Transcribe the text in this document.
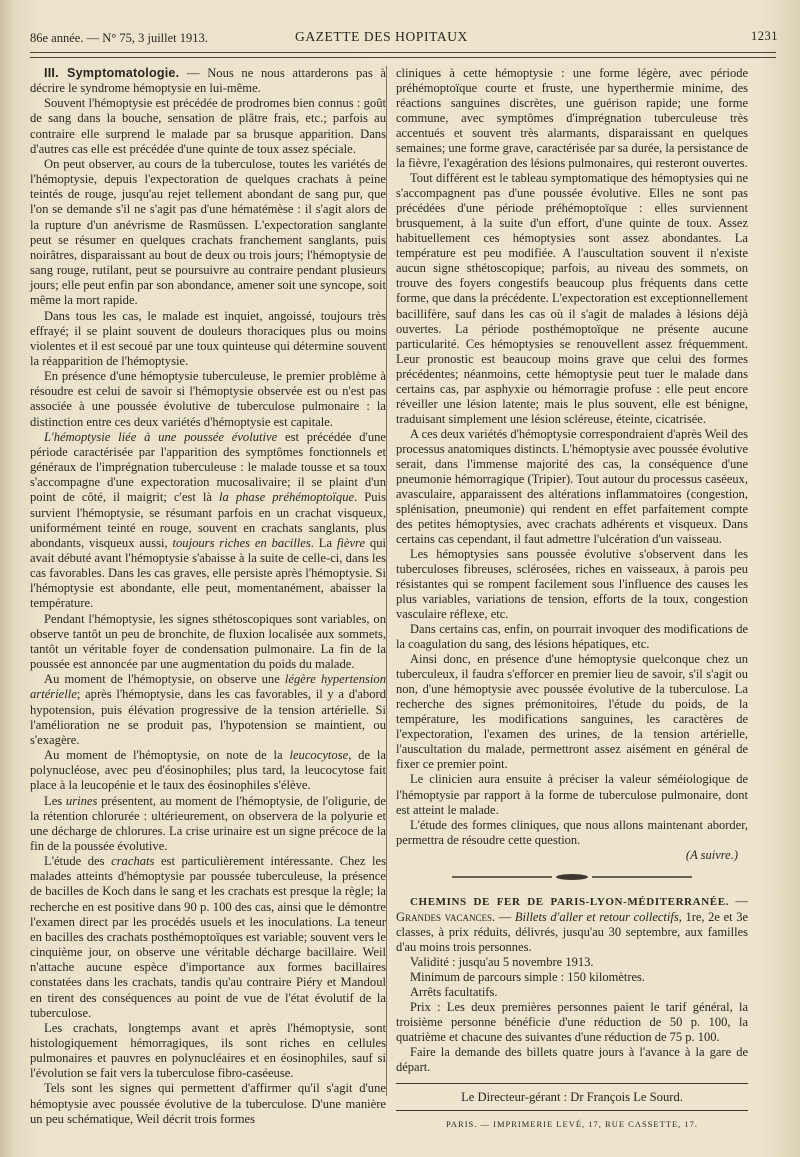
86e année. — N° 75, 3 juillet 1913.	GAZETTE DES HOPITAUX	1231

III. Symptomatologie. — Nous ne nous attarderons pas à décrire le syndrome hémoptysie en lui-même.

Souvent l'hémoptysie est précédée de prodromes bien connus : goût de sang dans la bouche, sensation de plâtre frais, etc.; parfois au contraire elle surprend le malade par sa brusque apparition. Dans d'autres cas elle est précédée d'une quinte de toux assez spéciale.

On peut observer, au cours de la tuberculose, toutes les variétés de l'hémoptysie, depuis l'expectoration de quelques crachats à peine teintés de rouge, jusqu'au rejet tellement abondant de sang pur, que l'on se demande s'il ne s'agit pas d'une hématémèse : il s'agit alors de la rupture d'un anévrisme de Rasmüssen. L'expectoration sanglante peut se résumer en quelques crachats franchement sanglants, puis noirâtres, disparaissant au bout de deux ou trois jours; l'hémoptysie de sang rouge, rutilant, peut se poursuivre au contraire pendant plusieurs jours; elle peut enfin par son abondance, amener soit une syncope, soit même la mort rapide.

Dans tous les cas, le malade est inquiet, angoissé, toujours très effrayé; il se plaint souvent de douleurs thoraciques plus ou moins violentes et il est secoué par une toux quinteuse qui détermine souvent la réapparition de l'hémoptysie.

En présence d'une hémoptysie tuberculeuse, le premier problème à résoudre est celui de savoir si l'hémoptysie observée est ou n'est pas associée à une poussée évolutive de tuberculose pulmonaire : la distinction entre ces deux variétés d'hémoptysie est capitale.

L'hémoptysie liée à une poussée évolutive est précédée d'une période caractérisée par l'apparition des symptômes fonctionnels et généraux de l'imprégnation tuberculeuse : le malade tousse et sa toux s'accompagne d'une expectoration mucosalivaire; il se plaint d'un point de côté, il maigrit; c'est là la phase préhémoptoïque. Puis survient l'hémoptysie, se résumant parfois en un crachat visqueux, uniformément teinté en rouge, souvent en crachats sanglants, plus abondants, visqueux aussi, toujours riches en bacilles. La fièvre qui avait débuté avant l'hémoptysie s'abaisse à la suite de celle-ci, dans les cas favorables. Dans les cas graves, elle persiste après l'hémoptysie. Si l'hémoptysie est abondante, elle peut, momentanément, abaisser la température.

Pendant l'hémoptysie, les signes sthétoscopiques sont variables, on observe tantôt un peu de bronchite, de fluxion localisée aux sommets, tantôt un véritable foyer de condensation pulmonaire. La fin de la poussée est annoncée par une augmentation du poids du malade.

Au moment de l'hémoptysie, on observe une légère hypertension artérielle; après l'hémoptysie, dans les cas favorables, il y a d'abord hypotension, puis élévation progressive de la tension artérielle. Si l'amélioration ne se produit pas, l'hypotension se maintient, ou s'exagère.

Au moment de l'hémoptysie, on note de la leucocytose, de la polynucléose, avec peu d'éosinophiles; plus tard, la leucocytose fait place à la leucopénie et le taux des éosinophiles s'élève.

Les urines présentent, au moment de l'hémoptysie, de l'oligurie, de la rétention chlorurée : ultérieurement, on observera de la polyurie et une décharge de chlorures. La crise urinaire est un signe précoce de la fin de la poussée évolutive.

L'étude des crachats est particulièrement intéressante. Chez les malades atteints d'hémoptysie par poussée tuberculeuse, la présence de bacilles de Koch dans le sang et les crachats est presque la règle; la recherche en est positive dans 90 p. 100 des cas, ainsi que le démontre l'examen direct par les procédés usuels et les inoculations. La teneur en bacilles des crachats posthémoptoïques est variable; souvent vers le cinquième jour, on observe une véritable décharge bacillaire. Weil n'attache aucune espèce d'importance aux formes bacillaires constatées dans les crachats, tandis qu'au contraire Piéry et Mandoul en tirent des conséquences au point de vue de l'état évolutif de la tuberculose.

Les crachats, longtemps avant et après l'hémoptysie, sont histologiquement hémorragiques, ils sont riches en cellules pulmonaires et pauvres en polynucléaires et en éosinophiles, sauf si l'évolution se fait vers la tuberculose fibro-caséeuse.

Tels sont les signes qui permettent d'affirmer qu'il s'agit d'une hémoptysie avec poussée évolutive de la tuberculose. D'une manière un peu schématique, Weil décrit trois formes

cliniques à cette hémoptysie : une forme légère, avec période préhémoptoïque courte et fruste, une hyperthermie minime, des réactions sanguines discrètes, une guérison rapide; une forme commune, avec symptômes d'imprégnation tuberculeuse très accentués et souvent très alarmants, disparaissant en quelques semaines; une forme grave, caractérisée par sa durée, la persistance de la fièvre, l'exagération des lésions pulmonaires, qui resteront ouvertes.

Tout différent est le tableau symptomatique des hémoptysies qui ne s'accompagnent pas d'une poussée évolutive. Elles ne sont pas précédées d'une période préhémoptoïque : elles surviennent brusquement, à la suite d'un effort, d'une quinte de toux. Assez habituellement ces hémoptysies sont assez abondantes. La température est peu modifiée. A l'auscultation souvent il n'existe aucun signe sthétoscopique; parfois, au niveau des sommets, on trouve des foyers congestifs beaucoup plus fréquents dans cette forme, que dans la précédente. L'expectoration est exceptionnellement bacillifère, sauf dans les cas où il s'agit de malades à lésions déjà ouvertes. La période posthémoptoïque ne présente aucune particularité. Ces hémoptysies se renouvellent assez fréquemment. Leur pronostic est beaucoup moins grave que celui des formes précédentes; néanmoins, cette hémoptysie peut tuer le malade dans certains cas, par asphyxie ou hémorragie profuse : elle peut encore réveiller une lésion latente; mais le plus souvent, elle est bénigne, traduisant simplement une lésion scléreuse, éteinte, cicatrisée.

A ces deux variétés d'hémoptysie correspondraient d'après Weil des processus anatomiques distincts. L'hémoptysie avec poussée évolutive serait, dans l'immense majorité des cas, la conséquence d'une pneumonie hémorragique (Tripier). Tout autour du processus caséeux, avasculaire, apparaissent des altérations inflammatoires (congestion, splénisation, pneumonie) qui rendent en effet parfaitement compte des petites hémoptysies, avec crachats adhérents et visqueux. Dans certains cas cependant, il faut admettre l'ulcération d'un vaisseau.

Les hémoptysies sans poussée évolutive s'observent dans les tuberculoses fibreuses, sclérosées, riches en vaisseaux, à parois peu résistantes qui se rompent facilement sous l'influence des causes les plus variables, variations de tension, efforts de la toux, congestion vasculaire réflexe, etc.

Dans certains cas, enfin, on pourrait invoquer des modifications de la coagulation du sang, des lésions hépatiques, etc.

Ainsi donc, en présence d'une hémoptysie quelconque chez un tuberculeux, il faudra s'efforcer en premier lieu de savoir, s'il s'agit ou non, d'une hémoptysie avec poussée évolutive de la tuberculose. La recherche des signes prémonitoires, l'étude du poids, de la température, les modifications sanguines, les caractères de l'expectoration, l'examen des urines, de la tension artérielle, l'auscultation du malade, permettront assez aisément en général de fixer ce premier point.

Le clinicien aura ensuite à préciser la valeur séméiologique de l'hémoptysie par rapport à la forme de tuberculose pulmonaire, dont est atteint le malade.

L'étude des formes cliniques, que nous allons maintenant aborder, permettra de résoudre cette question.

(A suivre.)

CHEMINS DE FER DE PARIS-LYON-MÉDITERRANÉE. — Grandes vacances. — Billets d'aller et retour collectifs, 1re, 2e et 3e classes, à prix réduits, délivrés, jusqu'au 30 septembre, aux familles d'au moins trois personnes.

Validité : jusqu'au 5 novembre 1913.

Minimum de parcours simple : 150 kilomètres.

Arrêts facultatifs.

Prix : Les deux premières personnes paient le tarif général, la troisième personne bénéficie d'une réduction de 50 p. 100, la quatrième et chacune des suivantes d'une réduction de 75 p. 100.

Faire la demande des billets quatre jours à l'avance à la gare de départ.

Le Directeur-gérant : Dr François Le Sourd.
PARIS. — IMPRIMERIE LEVÉ, 17, RUE CASSETTE, 17.
